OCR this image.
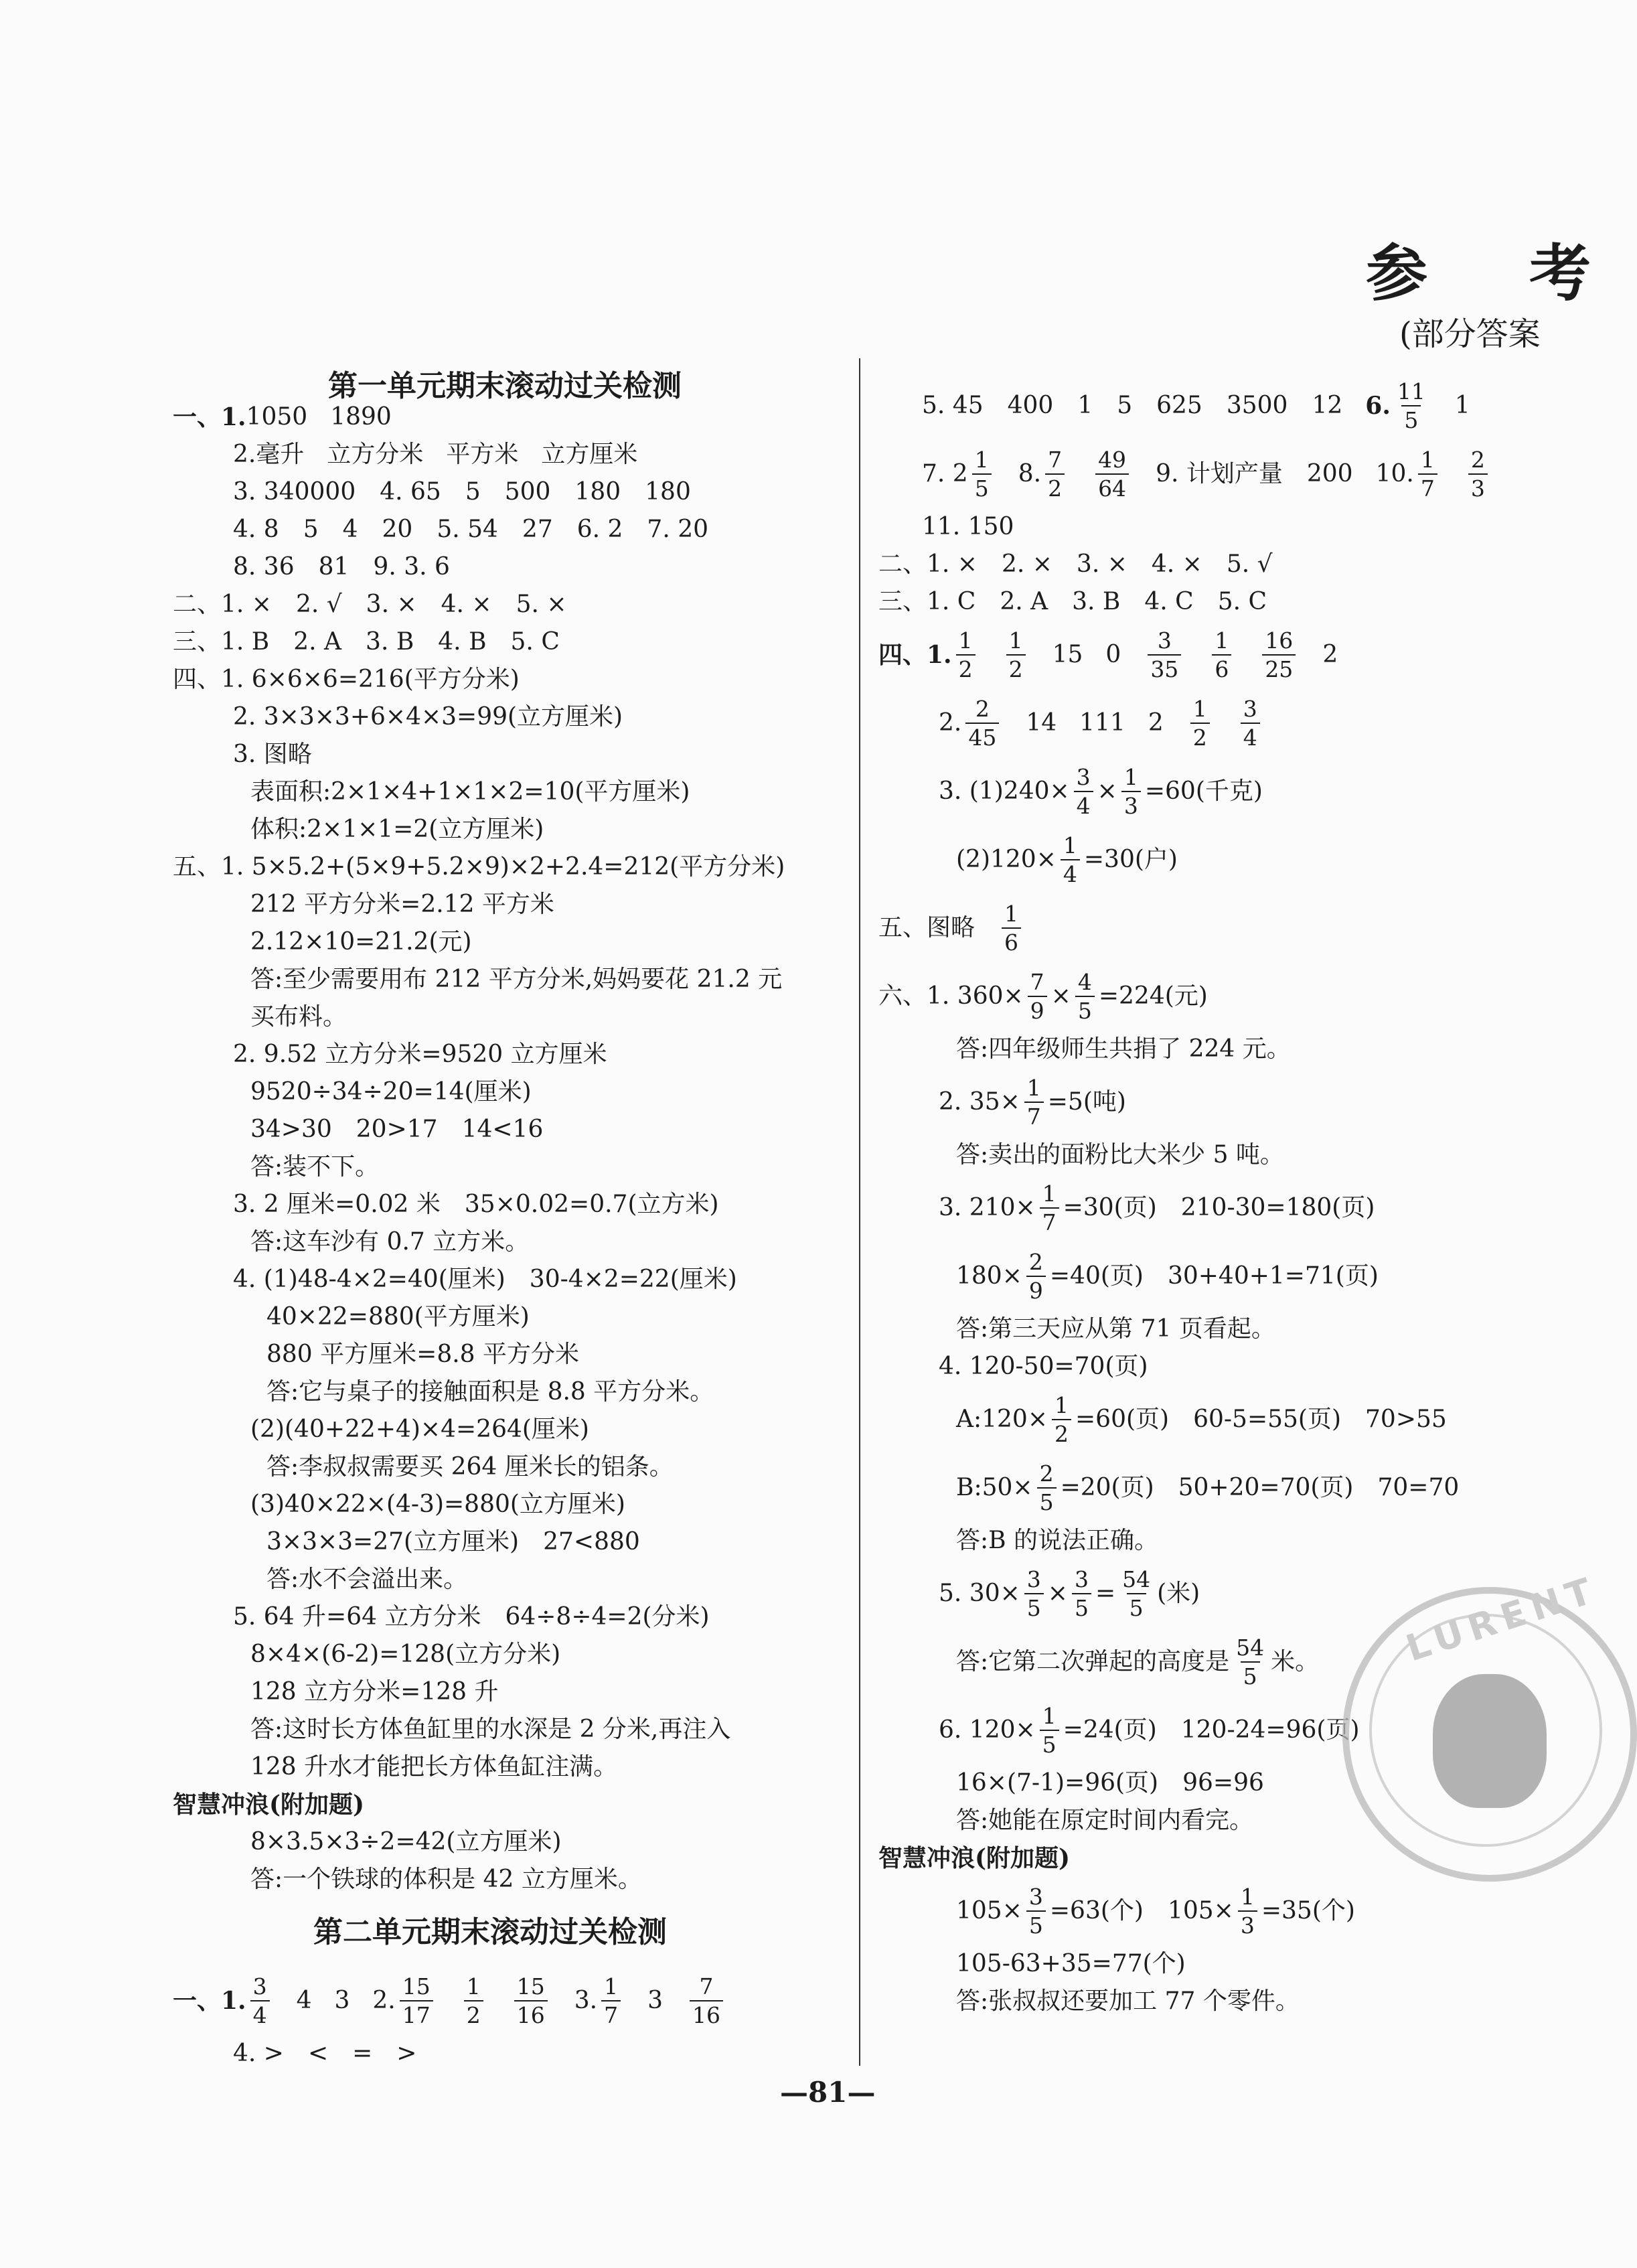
参 考
(部分答案
第一单元期末滚动过关检测
一、1. 1050 1890
2. 毫升 立方分米 平方米 立方厘米
3. 340000　4. 65　5　500　180　180
4. 8　5　4　20　5. 54　27　6. 2　7. 20
8. 36　81　9. 3. 6
二、1. ×　2. √　3. ×　4. ×　5. ×
三、1. B　2. A　3. B　4. B　5. C
四、1. 6×6×6=216(平方分米)
2. 3×3×3+6×4×3=99(立方厘米)
3. 图略
表面积:2×1×4+1×1×2=10(平方厘米)
体积:2×1×1=2(立方厘米)
五、1. 5×5.2+(5×9+5.2×9)×2+2.4=212(平方分米)
212 平方分米=2.12 平方米
2.12×10=21.2(元)
答:至少需要用布 212 平方分米,妈妈要花 21.2 元
买布料。
2. 9.52 立方分米=9520 立方厘米
9520÷34÷20=14(厘米)
34>30　20>17　14<16
答:装不下。
3. 2 厘米=0.02 米　35×0.02=0.7(立方米)
答:这车沙有 0.7 立方米。
4. (1)48-4×2=40(厘米)　30-4×2=22(厘米)
40×22=880(平方厘米)
880 平方厘米=8.8 平方分米
答:它与桌子的接触面积是 8.8 平方分米。
(2)(40+22+4)×4=264(厘米)
答:李叔叔需要买 264 厘米长的铝条。
(3)40×22×(4-3)=880(立方厘米)
3×3×3=27(立方厘米)　27<880
答:水不会溢出来。
5. 64 升=64 立方分米　64÷8÷4=2(分米)
8×4×(6-2)=128(立方分米)
128 立方分米=128 升
答:这时长方体鱼缸里的水深是 2 分米,再注入
128 升水才能把长方体鱼缸注满。
智慧冲浪(附加题)
8×3.5×3÷2=42(立方厘米)
答:一个铁球的体积是 42 立方厘米。
第二单元期末滚动过关检测
一、1. $\frac{3}{4} 4$ 3 2. $\frac{15}{17} \frac{1}{2} \frac{15}{16} 3$. $\frac{1}{7} 3 \frac{7}{16}$
4. >　<　=　>
5. 45　400　1　5　625　3500　12 6. $\frac{11}{5} 1$
7. $2 \frac{1}{5} 8$. $\frac{7}{2} \frac{49}{64} 9$. 计划产量　200 10. $\frac{1}{7} \frac{2}{3}$
11. 150
二、1. ×　2. ×　3. ×　4. ×　5. √
三、1. C　2. A　3. B　4. C　5. C
四、1. $\frac{1}{2} \frac{1}{2} 15$ $0 \frac{3}{35} \frac{1}{6} \frac{16}{25} 2$
2. $\frac{2}{45} 14$ 111 $2 \frac{1}{2} \frac{3}{4}$
3. $(1)240\times \frac{3}{4} \times \frac{1}{3} =60$(千克)
$(2)120\times \frac{1}{4} =30$(户)
五、图略 $\frac{1}{6}$
六、1. $360\times \frac{7}{9} \times \frac{4}{5} =224$(元)
答:四年级师生共捐了 224 元。
2. $35\times \frac{1}{7} =5$(吨)
答:卖出的面粉比大米少 5 吨。
3. $210\times \frac{1}{7} =30$(页)　210-30=180(页)
$180\times \frac{2}{9} =40$(页)　30+40+1=71(页)
答:第三天应从第 71 页看起。
4. 120-50=70(页)
A:120× $\frac{1}{2} =60$(页)　60-5=55(页)　70>55
B:50× $\frac{2}{5} =20$(页)　50+20=70(页)　70=70
答:B 的说法正确。
5. $30\times \frac{3}{5} \times \frac{3}{5} = \frac{54}{5}$ (米)
答:它第二次弹起的高度是 $\frac{54}{5}$ 米。
6. $120\times \frac{1}{5} =24$(页)　120-24=96(页)
16×(7-1)=96(页)　96=96
答:她能在原定时间内看完。
智慧冲浪(附加题)
$105\times \frac{3}{5} =63$(个)　$105\times \frac{1}{3} =35$(个)
105-63+35=77(个)
答:张叔叔还要加工 77 个零件。
—81—
LURENT
